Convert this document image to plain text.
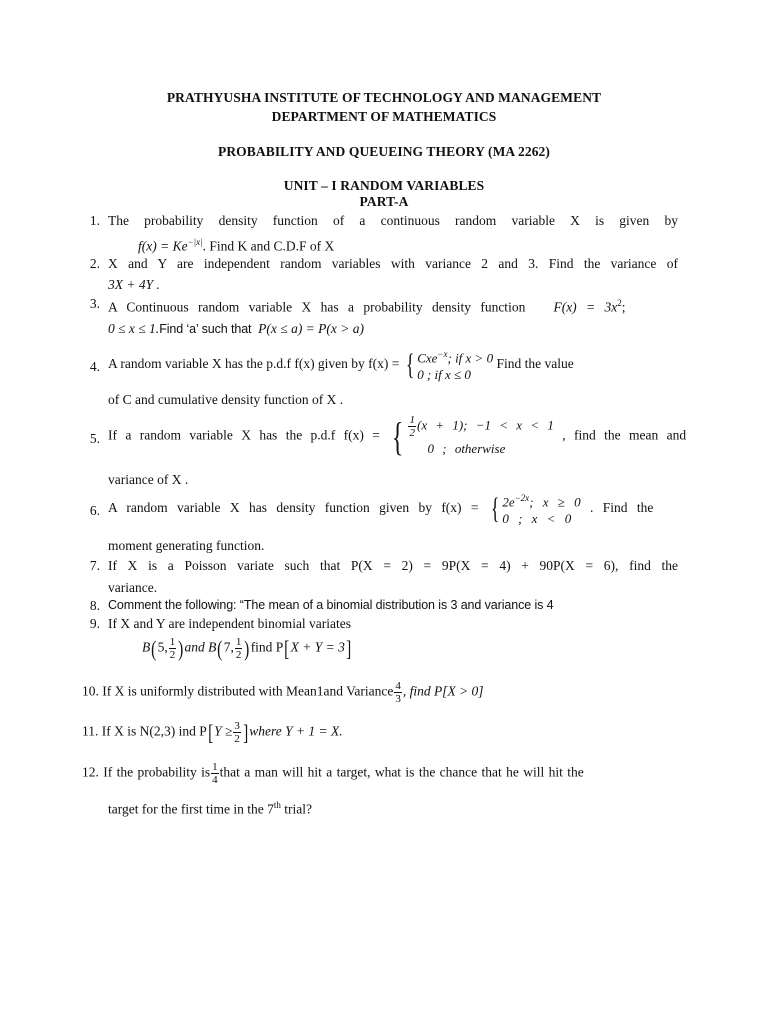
PRATHYUSHA INSTITUTE OF TECHNOLOGY AND MANAGEMENT
DEPARTMENT OF MATHEMATICS
PROBABILITY AND QUEUEING THEORY (MA 2262)
UNIT – I RANDOM VARIABLES
PART-A
1. The probability density function of a continuous random variable X is given by
$f(x) = Ke^{-|x|}$. Find K and C.D.F of X
2. X and Y are independent random variables with variance 2 and 3. Find the variance of
3X + 4Y .
3. A Continuous random variable X has a probability density function $F(x) = 3x^2$;
0 ≤ x ≤ 1.Find ‘a’ such that P(x ≤ a) = P(x > a)
4. A random variable X has the p.d.f f(x) given by f(x) = { Cxe$^{-x}$; if x > 0
0 ; if x ≤ 0
Find the value
of C and cumulative density function of X .
5. If a random variable X has the p.d.f f(x) = { $\frac{1}{2} (x + 1)$; −1 < x < 1
0 ; otherwise
, find the mean and
variance of X .
6. A random variable X has density function given by f(x) = { $2e^{-2x}$; x ≥ 0
0 ; x < 0
. Find the
moment generating function.
7. If X is a Poisson variate such that P(X = 2) = 9P(X = 4) + 90P(X = 6), find the
variance.
8. Comment the following: “The mean of a binomial distribution is 3 and variance is 4
9. If X and Y are independent binomial variates
B(5, $\frac{1}{2} )and$ B(7, $\frac{1}{2}$ )find P[X + Y = 3]
10. If X is uniformly distributed with Mean1and Variance $\frac{4}{3}$ , find P[X > 0]
11. If X is N(2,3) ind $P[Y \ge \frac{3}{2}$ ]where Y + 1 = X.
12. If the probability is $\frac{1}{4}$ that a man will hit a target, what is the chance that he will hit the
target for the first time in the 7th trial?
